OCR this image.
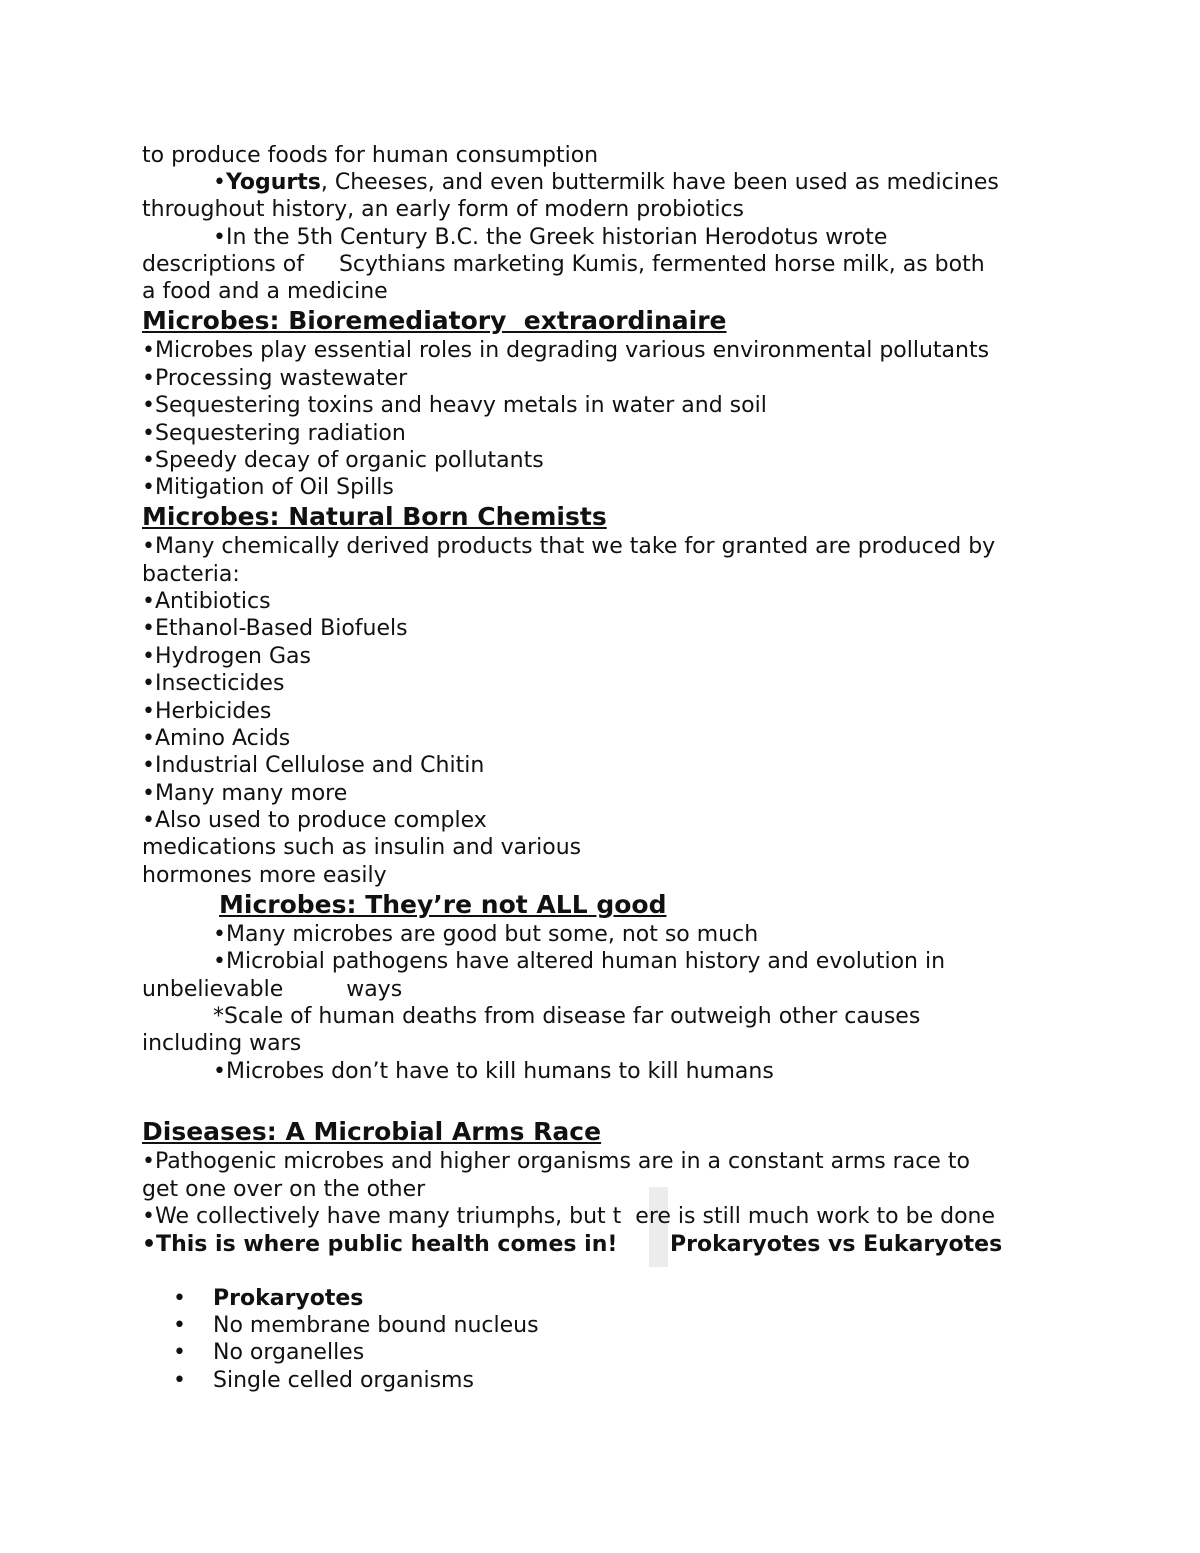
to produce foods for human consumption
•Yogurts, Cheeses, and even buttermilk have been used as medicines
throughout history, an early form of modern probiotics
•In the 5th Century B.C. the Greek historian Herodotus wrote
descriptions of     Scythians marketing Kumis, fermented horse milk, as both
a food and a medicine
Microbes: Bioremediatory  extraordinaire
•Microbes play essential roles in degrading various environmental pollutants
•Processing wastewater
•Sequestering toxins and heavy metals in water and soil
•Sequestering radiation
•Speedy decay of organic pollutants
•Mitigation of Oil Spills
Microbes: Natural Born Chemists
•Many chemically derived products that we take for granted are produced by
bacteria:
•Antibiotics
•Ethanol-Based Biofuels
•Hydrogen Gas
•Insecticides
•Herbicides
•Amino Acids
•Industrial Cellulose and Chitin
•Many many more
•Also used to produce complex
medications such as insulin and various
hormones more easily
Microbes: They’re not ALL good
•Many microbes are good but some, not so much
•Microbial pathogens have altered human history and evolution in
unbelievable         ways
*Scale of human deaths from disease far outweigh other causes
including wars
•Microbes don’t have to kill humans to kill humans
Diseases: A Microbial Arms Race
•Pathogenic microbes and higher organisms are in a constant arms race to
get one over on the other
•We collectively have many triumphs, but t  ere is still much work to be done
•This is where public health comes in! Prokaryotes vs Eukaryotes
• Prokaryotes
• No membrane bound nucleus
• No organelles
• Single celled organisms
